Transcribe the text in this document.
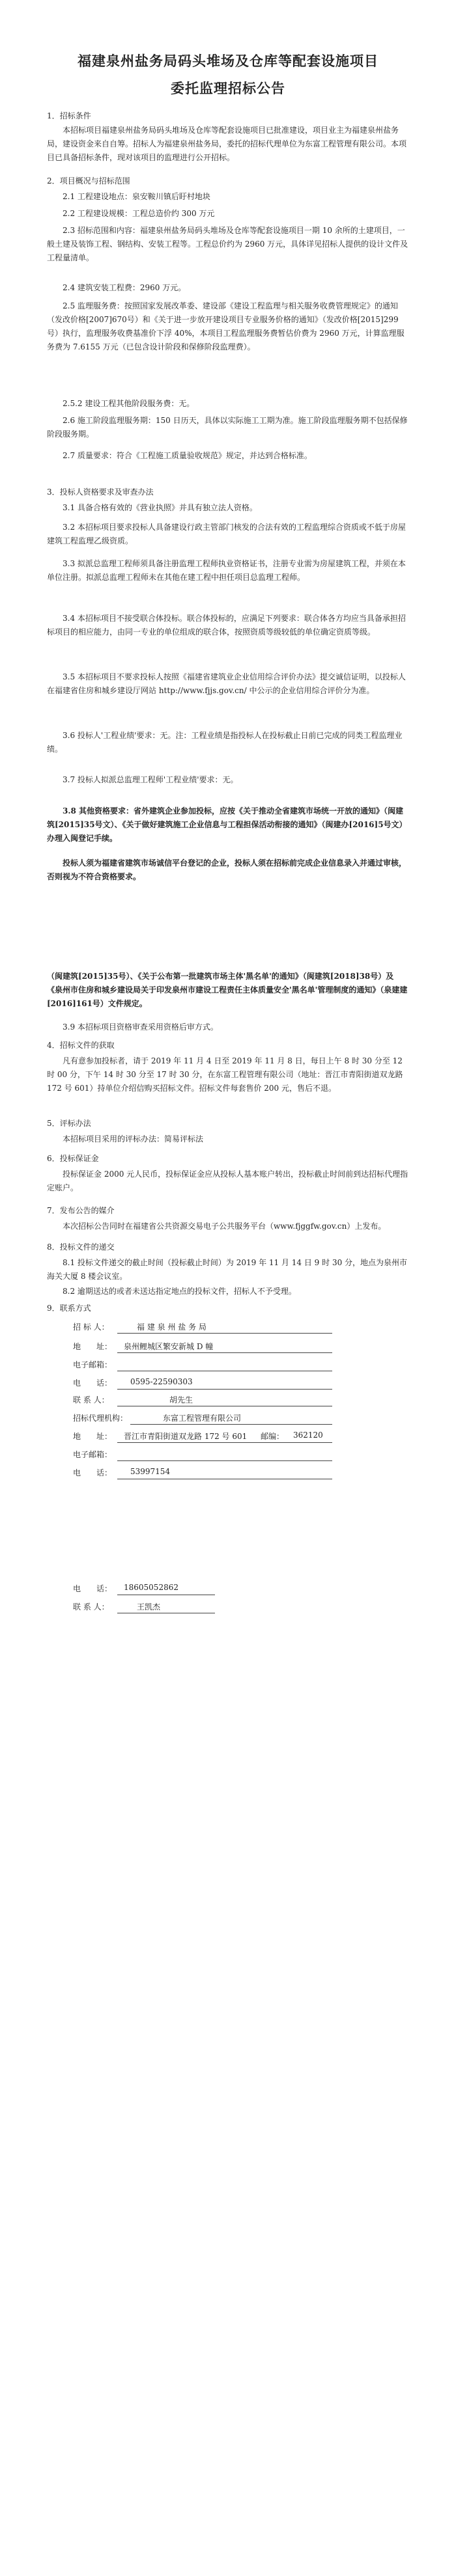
福建泉州盐务局码头堆场及仓库等配套设施项目
委托监理招标公告
1．招标条件
本招标项目福建泉州盐务局码头堆场及仓库等配套设施项目已批准建设，项目业主为福建泉州盐务局，建设资金来自自筹。招标人为福建泉州盐务局，委托的招标代理单位为东富工程管理有限公司。本项目已具备招标条件，现对该项目的监理进行公开招标。
2．项目概况与招标范围
2.1 工程建设地点：泉安鞍川镇后盱村地块
2.2 工程建设规模：工程总造价约 300 万元
2.3 招标范围和内容：福建泉州盐务局码头堆场及仓库等配套设施项目一期 10 余所的土建项目，一般土建及装饰工程、钢结构、安装工程等。工程总价约为 2960 万元，具体详见招标人提供的设计文件及工程量清单。
2.4 建筑安装工程费：2960 万元。
2.5 监理服务费：按照国家发展改革委、建设部《建设工程监理与相关服务收费管理规定》的通知（发改价格[2007]670号）和《关于进一步放开建设项目专业服务价格的通知》（发改价格[2015]299号）执行，监理服务收费基准价下浮 40%，本项目工程监理服务费暂估价费为 2960 万元，计算监理服务费为 7.6155 万元（已包含设计阶段和保修阶段监理费）。
2.5.2 建设工程其他阶段服务费：无。
2.6 施工阶段监理服务期：150 日历天，具体以实际施工工期为准。施工阶段监理服务期不包括保修阶段服务期。
2.7 质量要求：符合《工程施工质量验收规范》规定，并达到合格标准。
3．投标人资格要求及审查办法
3.1 具备合格有效的《营业执照》并具有独立法人资格。
3.2 本招标项目要求投标人具备建设行政主管部门核发的合法有效的工程监理综合资质或不低于房屋建筑工程监理乙级资质。
3.3 拟派总监理工程师须具备注册监理工程师执业资格证书，注册专业需为房屋建筑工程，并须在本单位注册。拟派总监理工程师未在其他在建工程中担任项目总监理工程师。
3.4 本招标项目不接受联合体投标。联合体投标的，应满足下列要求：联合体各方均应当具备承担招标项目的相应能力，由同一专业的单位组成的联合体，按照资质等级较低的单位确定资质等级。
3.5 本招标项目不要求投标人按照《福建省建筑业企业信用综合评价办法》提交诚信证明，以投标人在福建省住房和城乡建设厅网站 http://www.fjjs.gov.cn/ 中公示的企业信用综合评价分为准。
3.6 投标人'工程业绩'要求：无。注：工程业绩是指投标人在投标截止日前已完成的同类工程监理业绩。
3.7 投标人拟派总监理工程师'工程业绩'要求：无。
3.8 其他资格要求：省外建筑企业参加投标，应按《关于推动全省建筑市场统一开放的通知》（闽建筑[2015]35号文）、《关于做好建筑施工企业信息与工程担保活动衔接的通知》（闽建办[2016]5号文）办理入闽登记手续。
投标人须为福建省建筑市场诚信平台登记的企业，投标人须在招标前完成企业信息录入并通过审核，否则视为不符合资格要求。
（闽建筑[2015]35号）、《关于公布第一批建筑市场主体'黑名单'的通知》（闽建筑[2018]38号）及《泉州市住房和城乡建设局关于印发泉州市建设工程责任主体质量安全'黑名单'管理制度的通知》（泉建建[2016]161号）文件规定。
3.9 本招标项目资格审查采用资格后审方式。
4．招标文件的获取
凡有意参加投标者，请于 2019 年 11 月 4 日至 2019 年 11 月 8 日，每日上午 8 时 30 分至 12 时 00 分，下午 14 时 30 分至 17 时 30 分，在东富工程管理有限公司（地址：晋江市青阳街道双龙路 172 号 601）持单位介绍信购买招标文件。招标文件每套售价 200 元，售后不退。
5．评标办法
本招标项目采用的评标办法：简易评标法
6．投标保证金
投标保证金 2000 元人民币，投标保证金应从投标人基本账户转出，投标截止时间前到达招标代理指定账户。
7．发布公告的媒介
本次招标公告同时在福建省公共资源交易电子公共服务平台（www.fjggfw.gov.cn）上发布。
8．投标文件的递交
8.1 投标文件递交的截止时间（投标截止时间）为 2019 年 11 月 14 日 9 时 30 分，地点为泉州市海关大厦 8 楼会议室。
8.2 逾期送达的或者未送达指定地点的投标文件，招标人不予受理。
9．联系方式
招 标 人：	福 建 泉 州 盐 务 局
地　　址： 泉州鲤城区繁安新城 D 幢
电子邮箱：
电　　话： 0595-22590303
联 系 人：	胡先生
招标代理机构：	东富工程管理有限公司
地　　址： 晋江市青阳街道双龙路 172 号 601 邮编： 362120
电子邮箱：
电　　话： 53997154
电　　话： 18605052862
联 系 人：	王凯杰
